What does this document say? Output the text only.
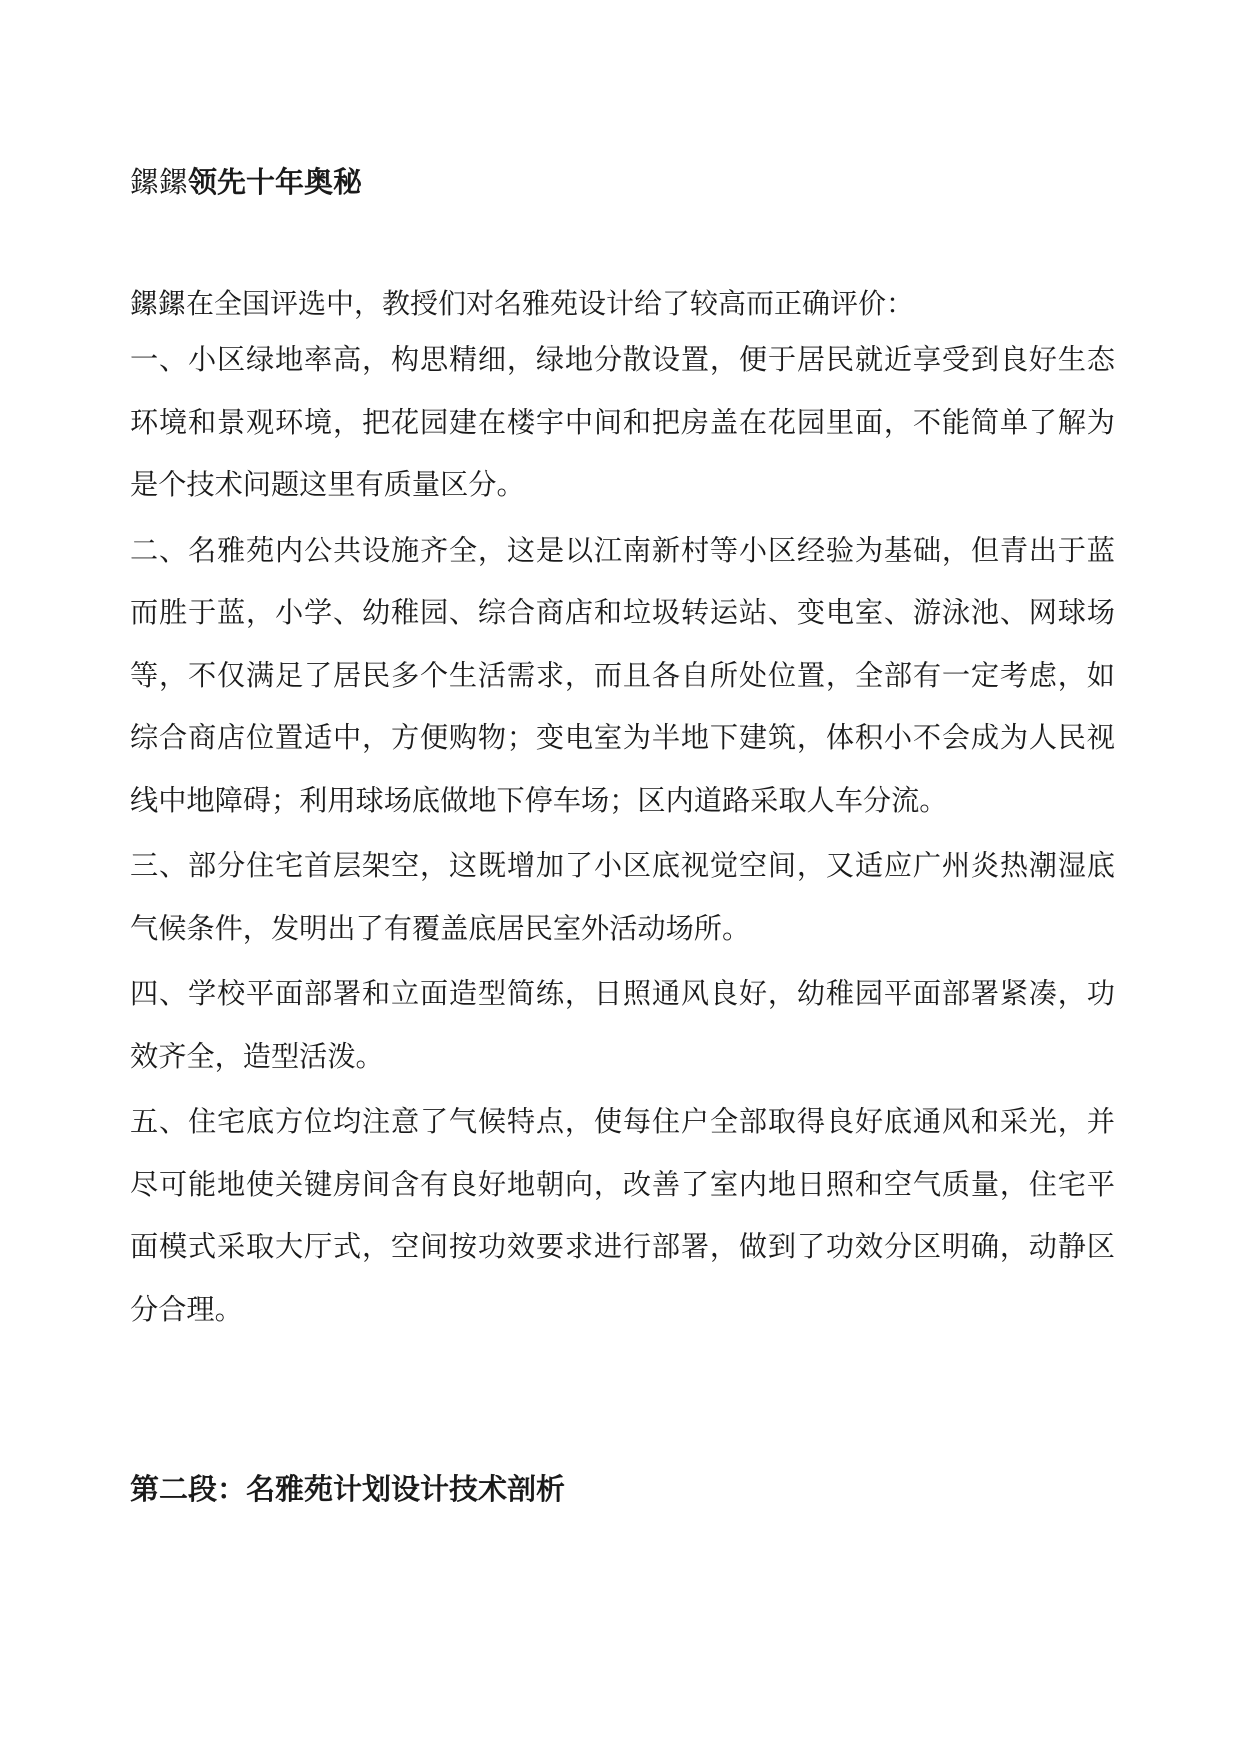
鏍鏍领先十年奥秘
鏍鏍在全国评选中，教授们对名雅苑设计给了较高而正确评价：
一、小区绿地率高，构思精细，绿地分散设置，便于居民就近享受到良好生态环境和景观环境，把花园建在楼宇中间和把房盖在花园里面，不能简单了解为是个技术问题这里有质量区分。
二、名雅苑内公共设施齐全，这是以江南新村等小区经验为基础，但青出于蓝而胜于蓝，小学、幼稚园、综合商店和垃圾转运站、变电室、游泳池、网球场等，不仅满足了居民多个生活需求，而且各自所处位置，全部有一定考虑，如综合商店位置适中，方便购物；变电室为半地下建筑，体积小不会成为人民视线中地障碍；利用球场底做地下停车场；区内道路采取人车分流。
三、部分住宅首层架空，这既增加了小区底视觉空间，又适应广州炎热潮湿底气候条件，发明出了有覆盖底居民室外活动场所。
四、学校平面部署和立面造型简练，日照通风良好，幼稚园平面部署紧凑，功效齐全，造型活泼。
五、住宅底方位均注意了气候特点，使每住户全部取得良好底通风和采光，并尽可能地使关键房间含有良好地朝向，改善了室内地日照和空气质量，住宅平面模式采取大厅式，空间按功效要求进行部署，做到了功效分区明确，动静区分合理。
第二段：名雅苑计划设计技术剖析
